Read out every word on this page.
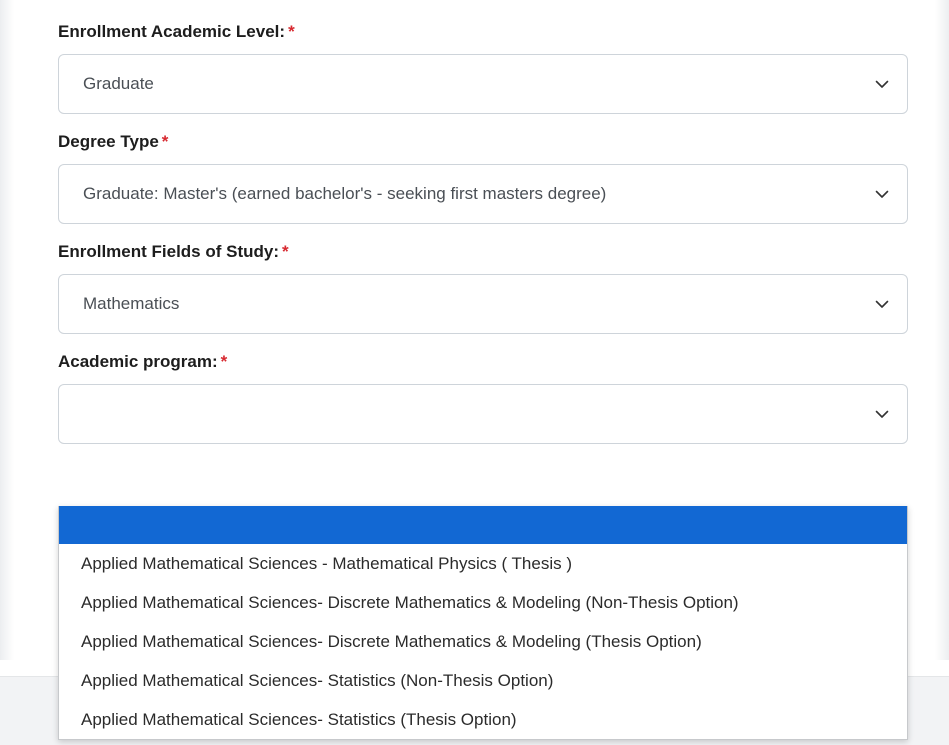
Enrollment Academic Level: *
Graduate
Degree Type *
Graduate: Master's (earned bachelor's - seeking first masters degree)
Enrollment Fields of Study: *
Mathematics
Academic program: *
Applied Mathematical Sciences - Mathematical Physics ( Thesis )
Applied Mathematical Sciences- Discrete Mathematics & Modeling (Non-Thesis Option)
Applied Mathematical Sciences- Discrete Mathematics & Modeling (Thesis Option)
Applied Mathematical Sciences- Statistics (Non-Thesis Option)
Applied Mathematical Sciences- Statistics (Thesis Option)
